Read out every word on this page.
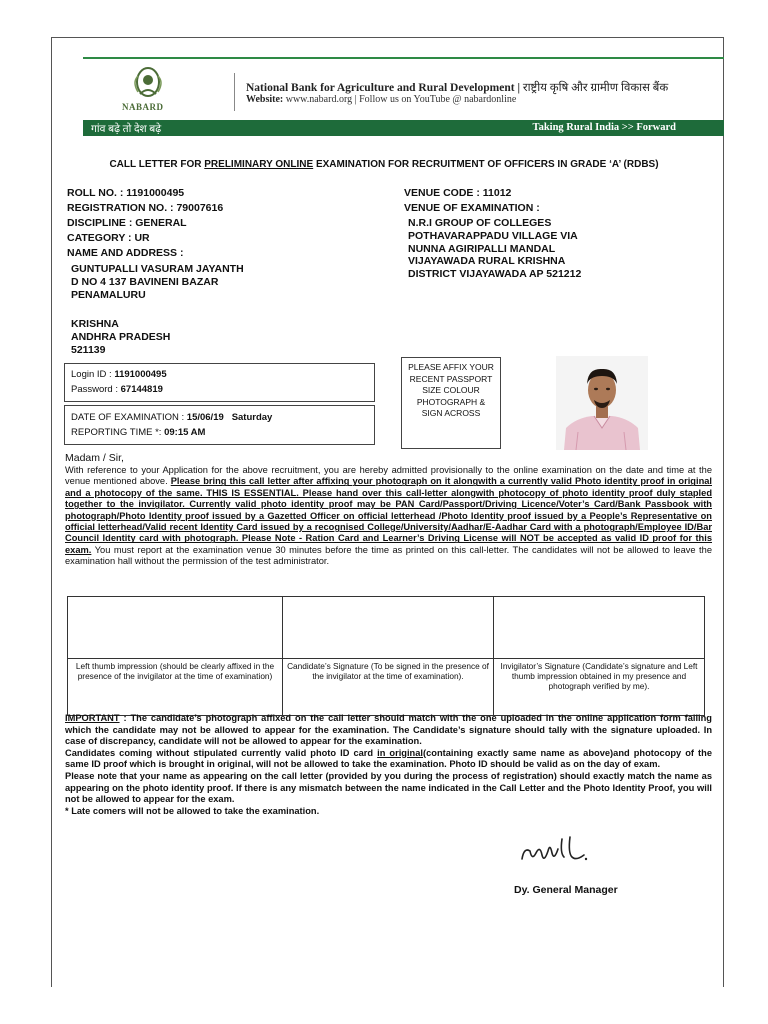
NABARD
National Bank for Agriculture and Rural Development | राष्ट्रीय कृषि और ग्रामीण विकास बैंक
Website: www.nabard.org | Follow us on YouTube @ nabardonline
गांव बढ़े तो देश बढ़े	Taking Rural India >> Forward
CALL LETTER FOR PRELIMINARY ONLINE EXAMINATION FOR RECRUITMENT OF OFFICERS IN GRADE ‘A’ (RDBS)
ROLL NO. : 1191000495
REGISTRATION NO. : 79007616
DISCIPLINE : GENERAL
CATEGORY : UR
NAME AND ADDRESS :
GUNTUPALLI VASURAM JAYANTH
D NO 4 137 BAVINENI BAZAR
PENAMALURU
KRISHNA
ANDHRA PRADESH
521139
VENUE CODE : 11012
VENUE OF EXAMINATION :
N.R.I GROUP OF COLLEGES
POTHAVARAPPADU VILLAGE VIA
NUNNA AGIRIPALLI MANDAL
VIJAYAWADA RURAL KRISHNA
DISTRICT VIJAYAWADA AP 521212
Login ID : 1191000495
Password : 67144819
DATE OF EXAMINATION : 15/06/19 Saturday
REPORTING TIME *: 09:15 AM
PLEASE AFFIX YOUR
RECENT PASSPORT
SIZE COLOUR
PHOTOGRAPH &
SIGN ACROSS
Madam / Sir,
With reference to your Application for the above recruitment, you are hereby admitted provisionally to the online examination on the date and time at the venue mentioned above. Please bring this call letter after affixing your photograph on it alongwith a currently valid Photo identity proof in original and a photocopy of the same. THIS IS ESSENTIAL. Please hand over this call-letter alongwith photocopy of photo identity proof duly stapled together to the invigilator. Currently valid photo identity proof may be PAN Card/Passport/Driving Licence/Voter’s Card/Bank Passbook with photograph/Photo Identity proof issued by a Gazetted Officer on official letterhead /Photo Identity proof issued by a People’s Representative on official letterhead/Valid recent Identity Card issued by a recognised College/University/Aadhar/E-Aadhar Card with a photograph/Employee ID/Bar Council Identity card with photograph. Please Note - Ration Card and Learner’s Driving License will NOT be accepted as valid ID proof for this exam. You must report at the examination venue 30 minutes before the time as printed on this call-letter. The candidates will not be allowed to leave the examination hall without the permission of the test administrator.

Left thumb impression (should be clearly affixed in the presence of the invigilator at the time of examination)	Candidate’s Signature (To be signed in the presence of the invigilator at the time of examination).	Invigilator’s Signature (Candidate’s signature and Left thumb impression obtained in my presence and photograph verified by me).
IMPORTANT : The candidate’s photograph affixed on the call letter should match with the one uploaded in the online application form failing which the candidate may not be allowed to appear for the examination. The Candidate’s signature should tally with the signature uploaded. In case of discrepancy, candidate will not be allowed to appear for the examination.
Candidates coming without stipulated currently valid photo ID card in original(containing exactly same name as above)and photocopy of the same ID proof which is brought in original, will not be allowed to take the examination. Photo ID should be valid as on the day of exam.
Please note that your name as appearing on the call letter (provided by you during the process of registration) should exactly match the name as appearing on the photo identity proof. If there is any mismatch between the name indicated in the Call Letter and the Photo Identity Proof, you will not be allowed to appear for the exam.
* Late comers will not be allowed to take the examination.
Dy. General Manager
